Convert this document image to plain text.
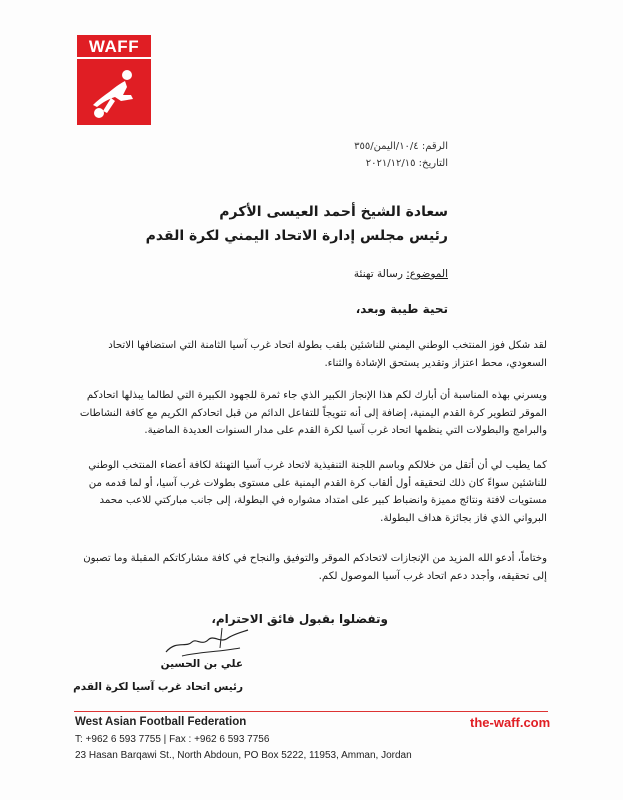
WAFF
الرقم: ١٠/٤/اليمن/٣٥٥
التاريخ: ٢٠٢١/١٢/١٥
سعادة الشيخ أحمد العيسى الأكرم
رئيس مجلس إدارة الاتحاد اليمني لكرة القدم
الموضوع: رسالة تهنئة
تحية طيبة وبعد،
لقد شكل فوز المنتخب الوطني اليمني للناشئين بلقب بطولة اتحاد غرب آسيا الثامنة التي استضافها الاتحاد السعودي، محط اعتزاز وتقدير يستحق الإشادة والثناء.
ويسرني بهذه المناسبة أن أبارك لكم هذا الإنجاز الكبير الذي جاء ثمرة للجهود الكبيرة التي لطالما يبذلها اتحادكم الموقر لتطوير كرة القدم اليمنية، إضافة إلى أنه تتويجاً للتفاعل الدائم من قبل اتحادكم الكريم مع كافة النشاطات والبرامج والبطولات التي ينظمها اتحاد غرب آسيا لكرة القدم على مدار السنوات العديدة الماضية.
كما يطيب لي أن أتقل من خلالكم وباسم اللجنة التنفيذية لاتحاد غرب آسيا التهنئة لكافة أعضاء المنتخب الوطني للناشئين سواءً كان ذلك لتحقيقه أول ألقاب كرة القدم اليمنية على مستوى بطولات غرب آسيا، أو لما قدمه من مستويات لافتة ونتائج مميزة وانضباط كبير على امتداد مشواره في البطولة، إلى جانب مباركتي للاعب محمد البرواني الذي فاز بجائزة هداف البطولة.
وختاماً، أدعو الله المزيد من الإنجازات لاتحادكم الموقر والتوفيق والنجاح في كافة مشاركاتكم المقبلة وما تصبون إلى تحقيقه، وأجدد دعم اتحاد غرب آسيا الموصول لكم.
وتفضلوا بقبول فائق الاحترام،
علي بن الحسين
رئيس اتحاد غرب آسيا لكرة القدم
West Asian Football Federation	the-waff.com
T: +962 6 593 7755 | Fax : +962 6 593 7756
23 Hasan Barqawi St., North Abdoun, PO Box 5222, 11953, Amman, Jordan
